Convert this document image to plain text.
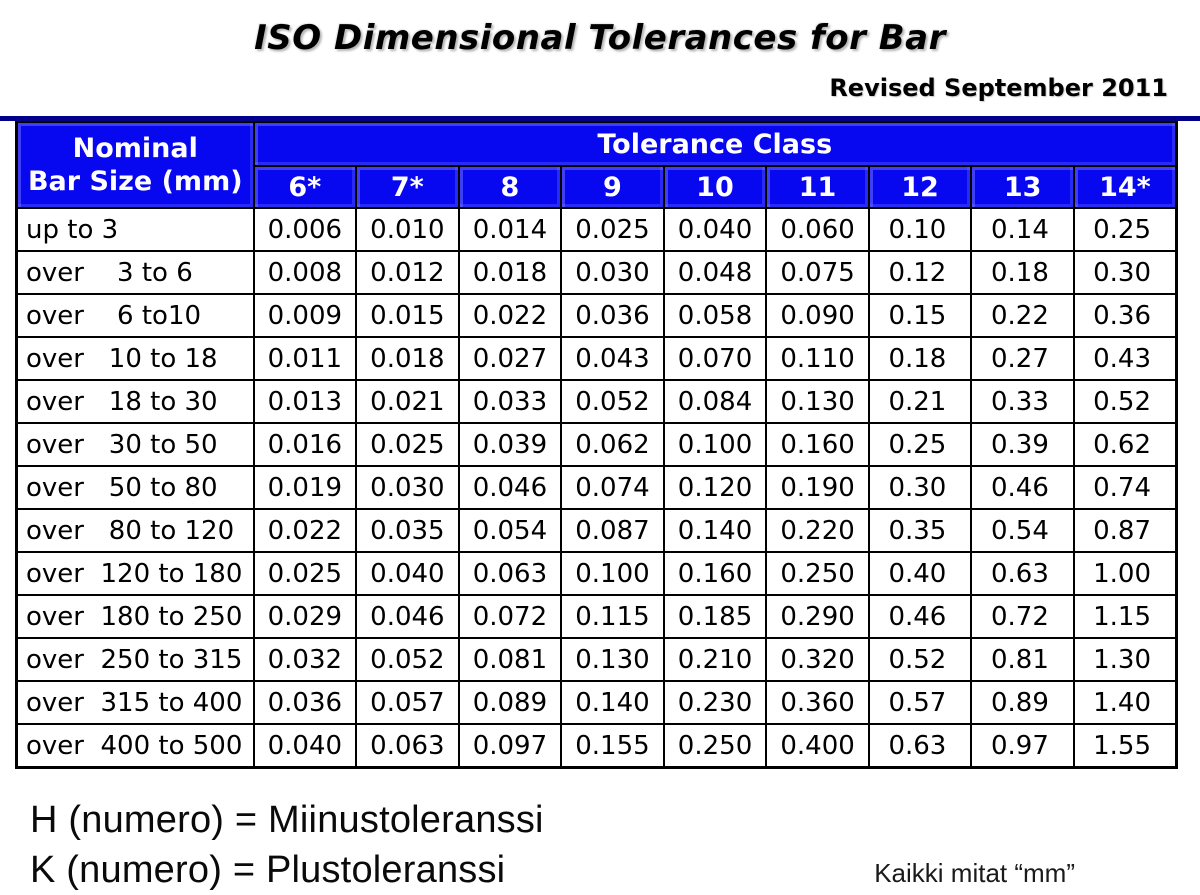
ISO Dimensional Tolerances for Bar
Revised September 2011
Nominal
Bar Size (mm)	Tolerance Class								
	6*	7*	8	9	10	11	12	13	14*
up to 3	0.006	0.010	0.014	0.025	0.040	0.060	0.10	0.14	0.25
over    3 to 6	0.008	0.012	0.018	0.030	0.048	0.075	0.12	0.18	0.30
over    6 to10	0.009	0.015	0.022	0.036	0.058	0.090	0.15	0.22	0.36
over   10 to 18	0.011	0.018	0.027	0.043	0.070	0.110	0.18	0.27	0.43
over   18 to 30	0.013	0.021	0.033	0.052	0.084	0.130	0.21	0.33	0.52
over   30 to 50	0.016	0.025	0.039	0.062	0.100	0.160	0.25	0.39	0.62
over   50 to 80	0.019	0.030	0.046	0.074	0.120	0.190	0.30	0.46	0.74
over   80 to 120	0.022	0.035	0.054	0.087	0.140	0.220	0.35	0.54	0.87
over  120 to 180	0.025	0.040	0.063	0.100	0.160	0.250	0.40	0.63	1.00
over  180 to 250	0.029	0.046	0.072	0.115	0.185	0.290	0.46	0.72	1.15
over  250 to 315	0.032	0.052	0.081	0.130	0.210	0.320	0.52	0.81	1.30
over  315 to 400	0.036	0.057	0.089	0.140	0.230	0.360	0.57	0.89	1.40
over  400 to 500	0.040	0.063	0.097	0.155	0.250	0.400	0.63	0.97	1.55
H (numero) = Miinustoleranssi
K (numero) = Plustoleranssi	Kaikki mitat “mm”
